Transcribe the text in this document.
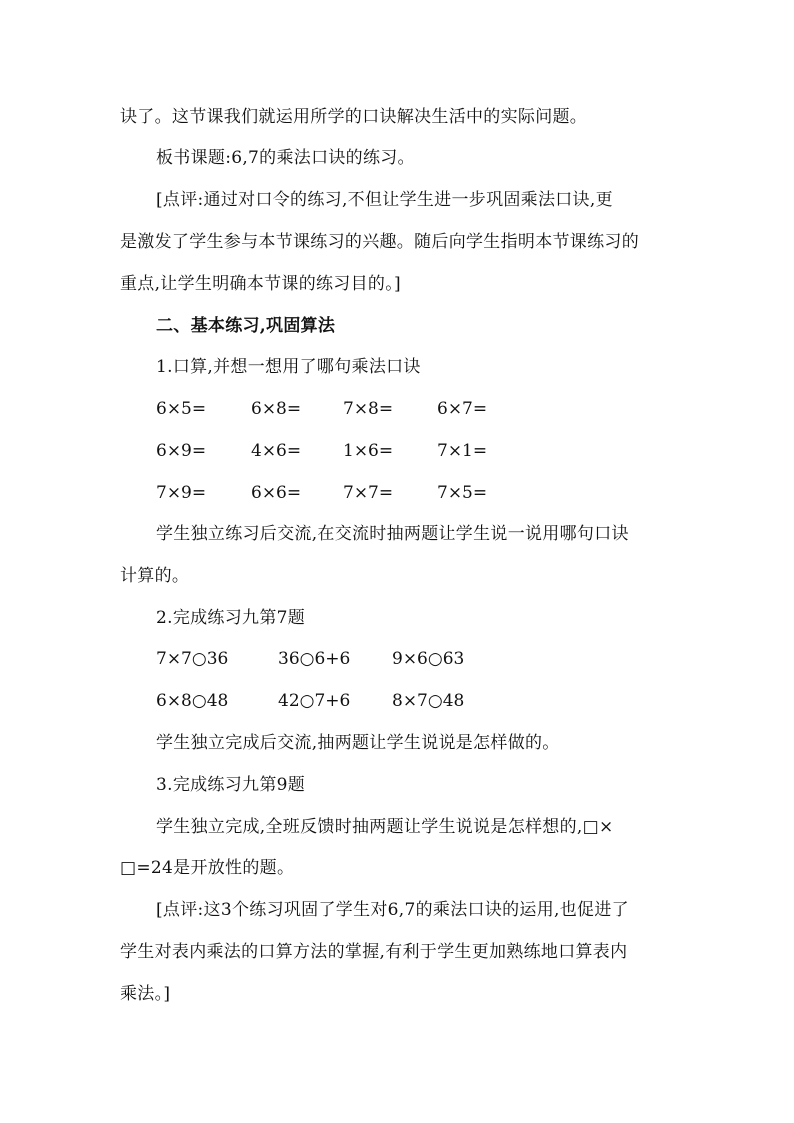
诀了。这节课我们就运用所学的口诀解决生活中的实际问题。
板书课题:6,7的乘法口诀的练习。
[点评:通过对口令的练习,不但让学生进一步巩固乘法口诀,更
是激发了学生参与本节课练习的兴趣。随后向学生指明本节课练习的
重点,让学生明确本节课的练习目的。]
二、基本练习,巩固算法
1.口算,并想一想用了哪句乘法口诀
6×5=	6×8= 7×8=	6×7=
6×9=	4×6= 1×6=	7×1=
7×9=	6×6= 7×7=	7×5=
学生独立练习后交流,在交流时抽两题让学生说一说用哪句口诀
计算的。
2.完成练习九第7题
7×7○36	36○6+6 9×6○63
6×8○48	42○7+6 8×7○48
学生独立完成后交流,抽两题让学生说说是怎样做的。
3.完成练习九第9题
学生独立完成,全班反馈时抽两题让学生说说是怎样想的,□×
□=24是开放性的题。
[点评:这3个练习巩固了学生对6,7的乘法口诀的运用,也促进了
学生对表内乘法的口算方法的掌握,有利于学生更加熟练地口算表内
乘法。]
